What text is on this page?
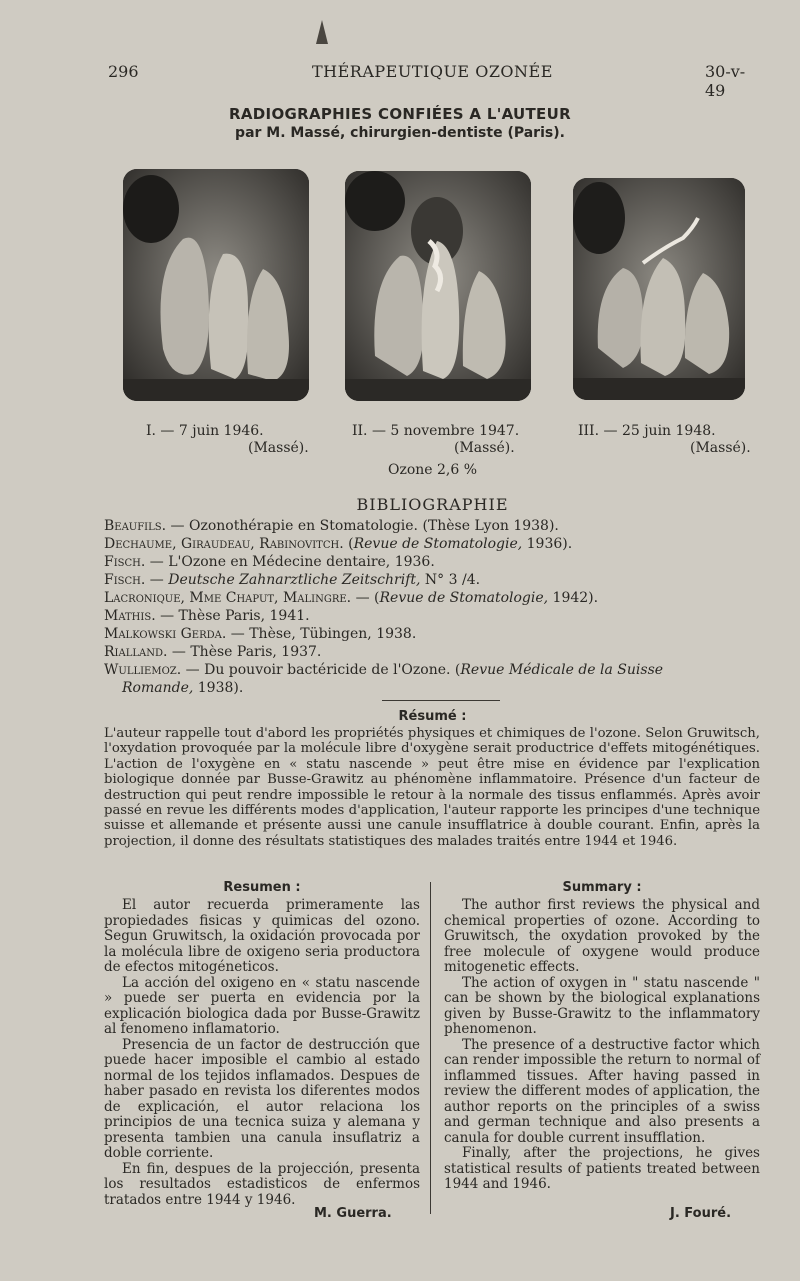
296	THÉRAPEUTIQUE OZONÉE	30-v-49
RADIOGRAPHIES CONFIÉES A L'AUTEUR
par M. Massé, chirurgien-dentiste (Paris).
I. — 7 juin 1946.
(Massé).
II. — 5 novembre 1947.
(Massé).
III. — 25 juin 1948.
(Massé).
Ozone 2,6 %
BIBLIOGRAPHIE
Beaufils. — Ozonothérapie en Stomatologie. (Thèse Lyon 1938).
Dechaume, Giraudeau, Rabinovitch. (Revue de Stomatologie, 1936).
Fisch. — L'Ozone en Médecine dentaire, 1936.
Fisch. — Deutsche Zahnarztliche Zeitschrift, N° 3 /4.
Lacronique, Mme Chaput, Malingre. — (Revue de Stomatologie, 1942).
Mathis. — Thèse Paris, 1941.
Malkowski Gerda. — Thèse, Tübingen, 1938.
Rialland. — Thèse Paris, 1937.
Wulliemoz. — Du pouvoir bactéricide de l'Ozone. (Revue Médicale de la Suisse
Romande, 1938).
Résumé :
L'auteur rappelle tout d'abord les propriétés physiques et chimiques de l'ozone. Selon Gruwitsch, l'oxydation provoquée par la molécule libre d'oxygène serait productrice d'effets mitogénétiques. L'action de l'oxygène en « statu nascende » peut être mise en évidence par l'explication biologique donnée par Busse-Grawitz au phénomène inflammatoire. Présence d'un facteur de destruction qui peut rendre impossible le retour à la normale des tissus enflammés. Après avoir passé en revue les différents modes d'application, l'auteur rapporte les principes d'une technique suisse et allemande et présente aussi une canule insufflatrice à double courant. Enfin, après la projection, il donne des résultats statistiques des malades traités entre 1944 et 1946.
Resumen :

El autor recuerda primeramente las propiedades fisicas y quimicas del ozono. Segun Gruwitsch, la oxidación provocada por la molécula libre de oxigeno seria productora de efectos mitogéneticos.

La acción del oxigeno en « statu nascende » puede ser puerta en evidencia por la explicación biologica dada por Busse-Grawitz al fenomeno inflamatorio.

Presencia de un factor de destrucción que puede hacer imposible el cambio al estado normal de los tejidos inflamados. Despues de haber pasado en revista los diferentes modos de explicación, el autor relaciona los principios de una tecnica suiza y alemana y presenta tambien una canula insuflatriz a doble corriente.

En fin, despues de la projección, presenta los resultados estadisticos de enfermos tratados entre 1944 y 1946.

M. Guerra.
Summary :

The author first reviews the physical and chemical properties of ozone. According to Gruwitsch, the oxydation provoked by the free molecule of oxygene would produce mitogenetic effects.

The action of oxygen in " statu nascende " can be shown by the biological explanations given by Busse-Grawitz to the inflammatory phenomenon.

The presence of a destructive factor which can render impossible the return to normal of inflammed tissues. After having passed in review the different modes of application, the author reports on the principles of a swiss and german technique and also presents a canula for double current insufflation.

Finally, after the projections, he gives statistical results of patients treated between 1944 and 1946.

J. Fouré.
